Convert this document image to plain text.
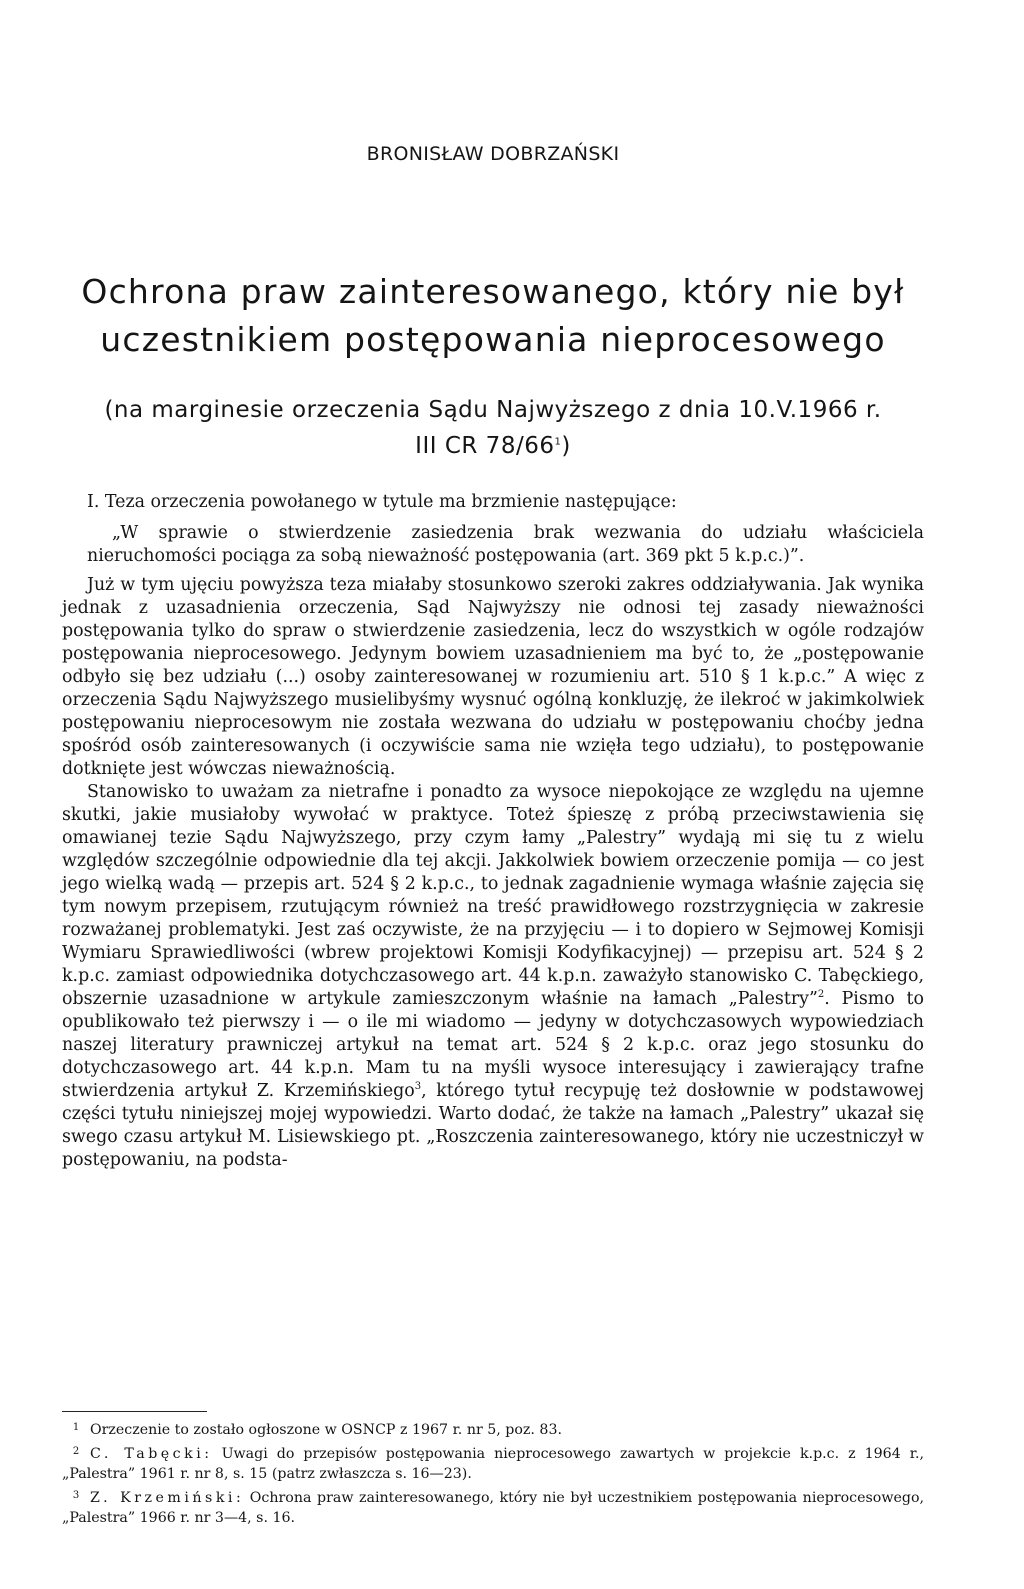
BRONISŁAW DOBRZAŃSKI
Ochrona praw zainteresowanego, który nie był
uczestnikiem postępowania nieprocesowego
(na marginesie orzeczenia Sądu Najwyższego z dnia 10.V.1966 r.
III CR $78/66^1$)

I. Teza orzeczenia powołanego w tytule ma brzmienie następujące:

„W sprawie o stwierdzenie zasiedzenia brak wezwania do udziału właściciela nieruchomości pociąga za sobą nieważność postępowania (art. 369 pkt 5 k.p.c.)”.

Już w tym ujęciu powyższa teza miałaby stosunkowo szeroki zakres oddziaływania. Jak wynika jednak z uzasadnienia orzeczenia, Sąd Najwyższy nie odnosi tej zasady nieważności postępowania tylko do spraw o stwierdzenie zasiedzenia, lecz do wszystkich w ogóle rodzajów postępowania nieprocesowego. Jedynym bowiem uzasadnieniem ma być to, że „postępowanie odbyło się bez udziału (...) osoby zainteresowanej w rozumieniu art. 510 § 1 k.p.c.” A więc z orzeczenia Sądu Najwyższego musielibyśmy wysnuć ogólną konkluzję, że ilekroć w jakimkolwiek postępowaniu nieprocesowym nie została wezwana do udziału w postępowaniu choćby jedna spośród osób zainteresowanych (i oczywiście sama nie wzięła tego udziału), to postępowanie dotknięte jest wówczas nieważnością.

Stanowisko to uważam za nietrafne i ponadto za wysoce niepokojące ze względu na ujemne skutki, jakie musiałoby wywołać w praktyce. Toteż śpieszę z próbą przeciwstawienia się omawianej tezie Sądu Najwyższego, przy czym łamy „Palestry” wydają mi się tu z wielu względów szczególnie odpowiednie dla tej akcji. Jakkolwiek bowiem orzeczenie pomija — co jest jego wielką wadą — przepis art. 524 § 2 k.p.c., to jednak zagadnienie wymaga właśnie zajęcia się tym nowym przepisem, rzutującym również na treść prawidłowego rozstrzygnięcia w zakresie rozważanej problematyki. Jest zaś oczywiste, że na przyjęciu — i to dopiero w Sejmowej Komisji Wymiaru Sprawiedliwości (wbrew projektowi Komisji Kodyfikacyjnej) — przepisu art. 524 § 2 k.p.c. zamiast odpowiednika dotychczasowego art. 44 k.p.n. zaważyło stanowisko C. Tabęckiego, obszernie uzasadnione w artykule zamieszczonym właśnie na łamach „Palestry”$^2$. Pismo to opublikowało też pierwszy i — o ile mi wiadomo — jedyny w dotychczasowych wypowiedziach naszej literatury prawniczej artykuł na temat art. 524 § 2 k.p.c. oraz jego stosunku do dotychczasowego art. 44 k.p.n. Mam tu na myśli wysoce interesujący i zawierający trafne stwierdzenia artykuł Z. Krzemińskiego$^3$, którego tytuł recypuję też dosłownie w podstawowej części tytułu niniejszej mojej wypowiedzi. Warto dodać, że także na łamach „Palestry” ukazał się swego czasu artykuł M. Lisiewskiego pt. „Roszczenia zainteresowanego, który nie uczestniczył w postępowaniu, na podsta-

1 Orzeczenie to zostało ogłoszone w OSNCP z 1967 r. nr 5, poz. 83.

2 C. Tabęcki: Uwagi do przepisów postępowania nieprocesowego zawartych w projekcie k.p.c. z 1964 r., „Palestra” 1961 r. nr 8, s. 15 (patrz zwłaszcza s. 16—23).

3 Z. Krzemiński: Ochrona praw zainteresowanego, który nie był uczestnikiem postępowania nieprocesowego, „Palestra” 1966 r. nr 3—4, s. 16.
